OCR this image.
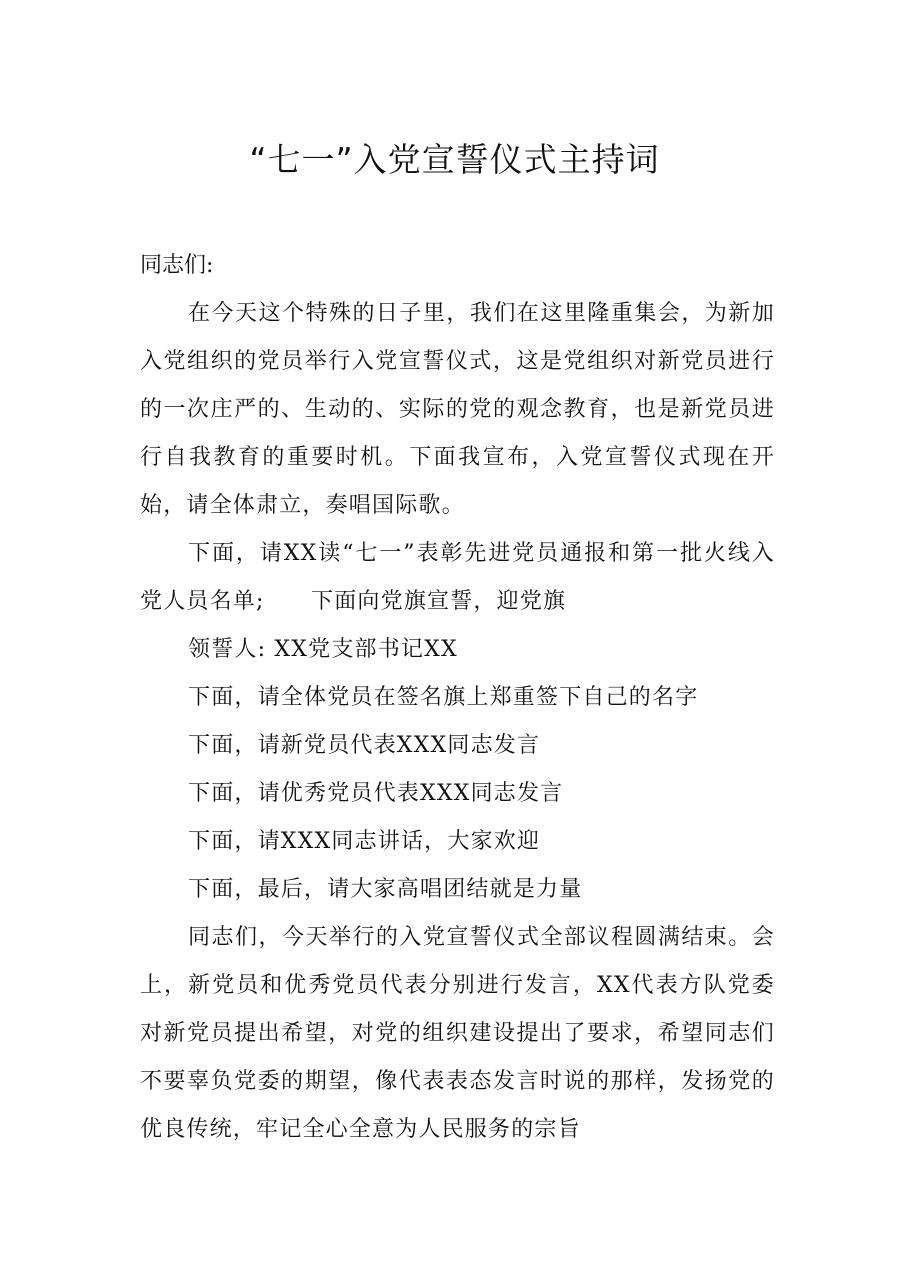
“七一”入党宣誓仪式主持词

同志们:

在今天这个特殊的日子里，我们在这里隆重集会，为新加入党组织的党员举行入党宣誓仪式，这是党组织对新党员进行的一次庄严的、生动的、实际的党的观念教育，也是新党员进行自我教育的重要时机。下面我宣布，入党宣誓仪式现在开始，请全体肃立，奏唱国际歌。

下面，请XX读“七一”表彰先进党员通报和第一批火线入党人员名单;　　下面向党旗宣誓，迎党旗

领誓人: XX党支部书记XX

下面，请全体党员在签名旗上郑重签下自己的名字

下面，请新党员代表XXX同志发言

下面，请优秀党员代表XXX同志发言

下面，请XXX同志讲话，大家欢迎

下面，最后，请大家高唱团结就是力量

同志们，今天举行的入党宣誓仪式全部议程圆满结束。会上，新党员和优秀党员代表分别进行发言，XX代表方队党委对新党员提出希望，对党的组织建设提出了要求，希望同志们不要辜负党委的期望，像代表表态发言时说的那样，发扬党的优良传统，牢记全心全意为人民服务的宗旨
